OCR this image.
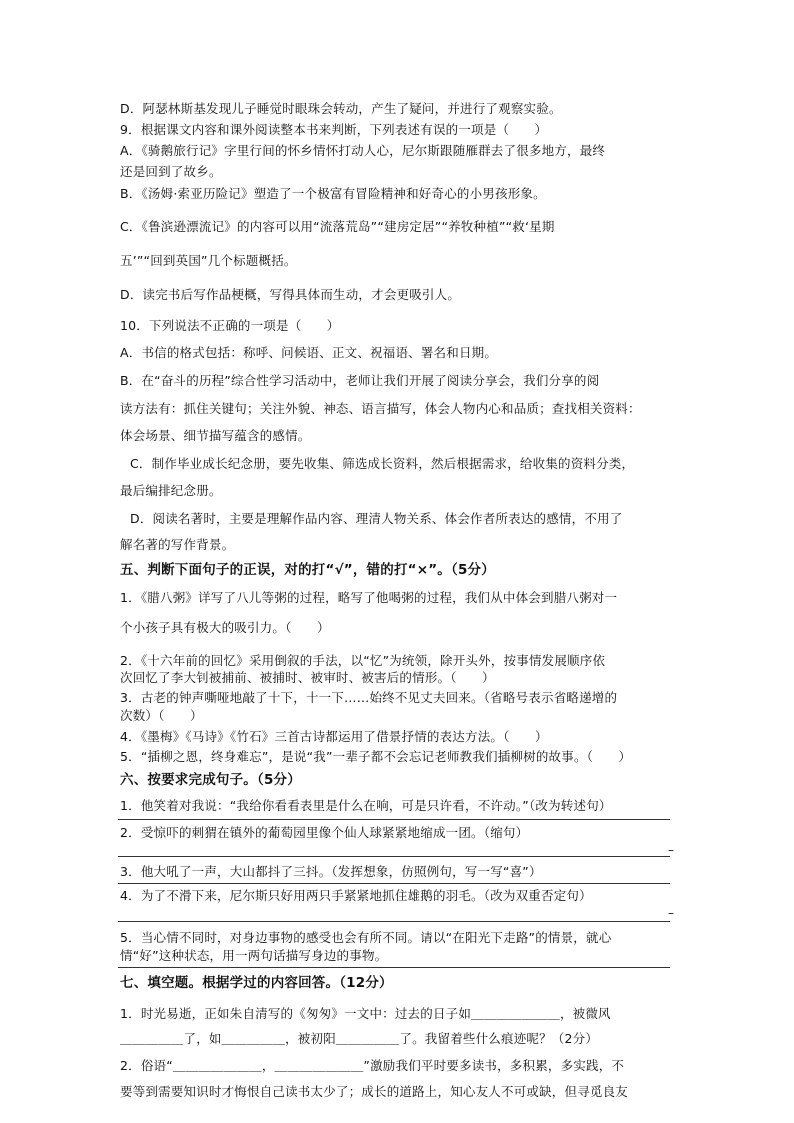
D．阿瑟林斯基发现儿子睡觉时眼珠会转动，产生了疑问，并进行了观察实验。
9．根据课文内容和课外阅读整本书来判断，下列表述有误的一项是（　　）
A．《骑鹅旅行记》字里行间的怀乡情怀打动人心，尼尔斯跟随雁群去了很多地方，最终
还是回到了故乡。
B．《汤姆·索亚历险记》塑造了一个极富有冒险精神和好奇心的小男孩形象。
C．《鲁滨逊漂流记》的内容可以用“流落荒岛”“建房定居”“养牧种植”“救‘星期
五’”“回到英国”几个标题概括。
D．读完书后写作品梗概，写得具体而生动，才会更吸引人。
10．下列说法不正确的一项是（　　）
A．书信的格式包括：称呼、问候语、正文、祝福语、署名和日期。
B．在“奋斗的历程”综合性学习活动中，老师让我们开展了阅读分享会，我们分享的阅
读方法有：抓住关键句；关注外貌、神态、语言描写，体会人物内心和品质；查找相关资料：
体会场景、细节描写蕴含的感情。
C．制作毕业成长纪念册，要先收集、筛选成长资料，然后根据需求，给收集的资料分类，
最后编排纪念册。
D．阅读名著时，主要是理解作品内容、理清人物关系、体会作者所表达的感情，不用了
解名著的写作背景。
五、判断下面句子的正误，对的打“√”，错的打“×”。（5分）
1．《腊八粥》详写了八儿等粥的过程，略写了他喝粥的过程，我们从中体会到腊八粥对一
个小孩子具有极大的吸引力。（　　）
2．《十六年前的回忆》采用倒叙的手法，以“忆”为统领，除开头外，按事情发展顺序依
次回忆了李大钊被捕前、被捕时、被审时、被害后的情形。（　　）
3．古老的钟声嘶哑地敲了十下，十一下……始终不见丈夫回来。（省略号表示省略递增的
次数）（　　）
4．《墨梅》《马诗》《竹石》三首古诗都运用了借景抒情的表达方法。（　　）
5．“插柳之恩，终身难忘”，是说“我”一辈子都不会忘记老师教我们插柳树的故事。（　　）
六、按要求完成句子。（5分）
1．他笑着对我说：“我给你看看表里是什么在响，可是只许看，不许动。”（改为转述句）
2．受惊吓的刺猬在镇外的葡萄园里像个仙人球紧紧地缩成一团。（缩句）
–
3．他大吼了一声，大山都抖了三抖。（发挥想象，仿照例句，写一写“喜”）
4．为了不滑下来，尼尔斯只好用两只手紧紧地抓住雄鹅的羽毛。（改为双重否定句）
–
5．当心情不同时，对身边事物的感受也会有所不同。请以“在阳光下走路”的情景，就心
情“好”这种状态，用一两句话描写身边的事物。
七、填空题。根据学过的内容回答。（12分）
1．时光易逝，正如朱自清写的《匆匆》一文中：过去的日子如＿＿＿＿＿＿＿，被微风
＿＿＿＿＿了，如＿＿＿＿＿，被初阳＿＿＿＿＿了。我留着些什么痕迹呢？（2分）
2．俗语“＿＿＿＿＿＿＿，＿＿＿＿＿＿＿”激励我们平时要多读书，多积累，多实践，不
要等到需要知识时才悔恨自己读书太少了；成长的道路上，知心友人不可或缺，但寻觅良友
